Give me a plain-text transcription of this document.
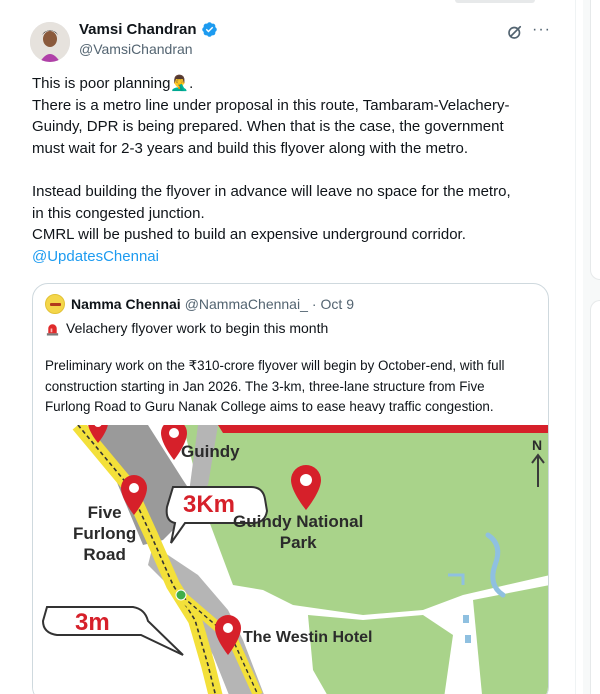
Vamsi Chandran
@VamsiChandran
···
This is poor planning🤦‍♂️.
There is a metro line under proposal in this route, Tambaram-Velachery-
Guindy, DPR is being prepared. When that is the case, the government
must wait for 2-3 years and build this flyover along with the metro.
Instead building the flyover in advance will leave no space for the metro,
in this congested junction.
CMRL will be pushed to build an expensive underground corridor.
@UpdatesChennai
Namma Chennai @NammaChennai_ · Oct 9
Velachery flyover work to begin this month
Preliminary work on the ₹310-crore flyover will begin by October-end, with full
construction starting in Jan 2026. The 3-km, three-lane structure from Five
Furlong Road to Guru Nanak College aims to ease heavy traffic congestion.
Guindy
Five
Furlong
Road
Guindy National
Park
The Westin Hotel
3Km
3m
N
